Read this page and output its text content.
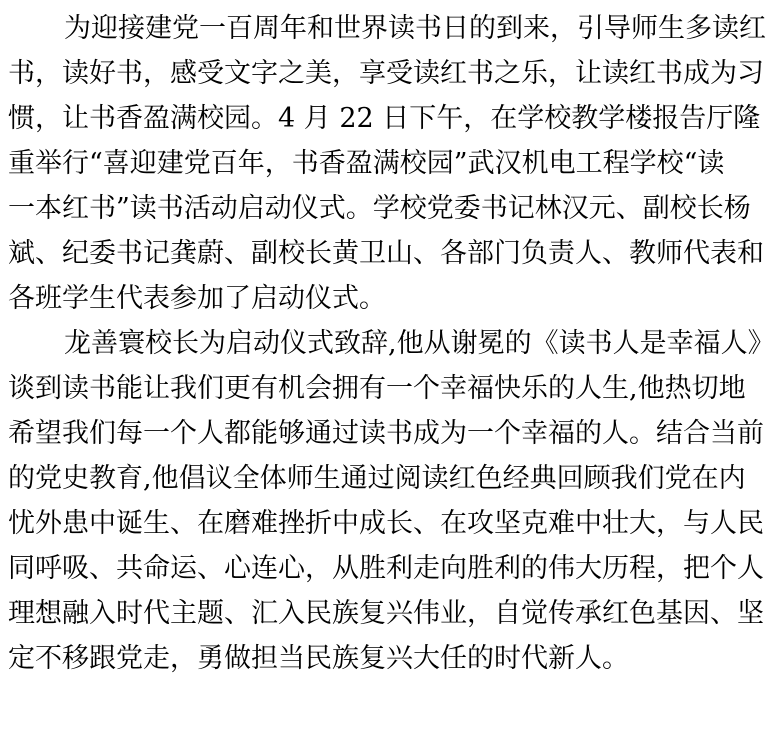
为迎接建党一百周年和世界读书日的到来，引导师生多读红
书，读好书，感受文字之美，享受读红书之乐，让读红书成为习
惯，让书香盈满校园。4 月 22 日下午，在学校教学楼报告厅隆
重举行“喜迎建党百年，书香盈满校园”武汉机电工程学校“读
一本红书”读书活动启动仪式。学校党委书记林汉元、副校长杨
斌、纪委书记龚蔚、副校长黄卫山、各部门负责人、教师代表和
各班学生代表参加了启动仪式。
龙善寰校长为启动仪式致辞,他从谢冕的《读书人是幸福人》
谈到读书能让我们更有机会拥有一个幸福快乐的人生,他热切地
希望我们每一个人都能够通过读书成为一个幸福的人。结合当前
的党史教育,他倡议全体师生通过阅读红色经典回顾我们党在内
忧外患中诞生、在磨难挫折中成长、在攻坚克难中壮大，与人民
同呼吸、共命运、心连心，从胜利走向胜利的伟大历程，把个人
理想融入时代主题、汇入民族复兴伟业，自觉传承红色基因、坚
定不移跟党走，勇做担当民族复兴大任的时代新人。
